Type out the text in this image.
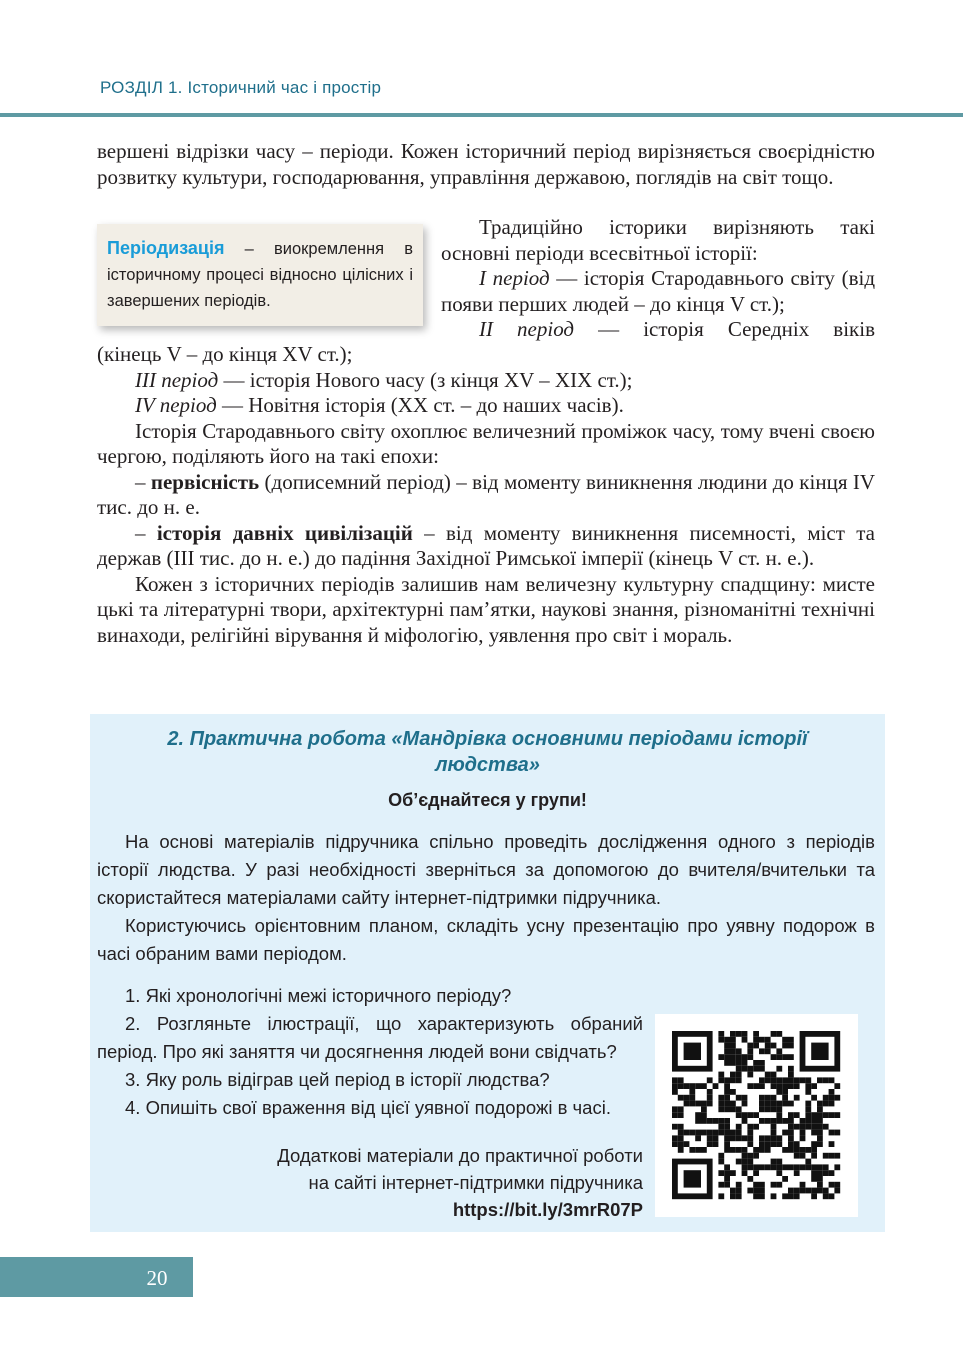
РОЗДІЛ 1. Історичний час і простір

вершені відрізки часу – періоди. Кожен історичний період вирізняється своєрідністю розвитку культури, господарювання, управління державою, поглядів на світ тощо.

Періодизація – виокремлення в історичному процесі відносно цілісних і завершених періодів.

Традиційно історики вирізняють такі основні періоди всесвітньої історії:

I період — історія Стародавнього світу (від появи перших людей – до кінця V ст.);

II період — історія Середніх віків

(кінець V – до кінця XV ст.);

III період — історія Нового часу (з кінця XV – XIX ст.);

IV період — Новітня історія (XX ст. – до наших часів).

Історія Стародавнього світу охоплює величезний проміжок часу, тому вчені своєю чергою, поділяють його на такі епохи:

– первісність (дописемний період) – від моменту виникнення людини до кінця IV тис. до н. е.

– історія давніх цивілізацій – від моменту виникнення писемності, міст та держав (III тис. до н. е.) до падіння Західної Римської імперії (кінець V ст. н. е.).

Кожен з історичних періодів залишив нам величезну культурну спадщину: мисте цькі та літературні твори, архітектурні пам’ятки, наукові знання, різноманітні технічні винаходи, релігійні вірування й міфологію, уявлення про світ і мораль.

2. Практична робота «Мандрівка основними періодами історії людства»
Об’єднайтеся у групи!

На основі матеріалів підручника спільно проведіть дослідження одного з періодів історії людства. У разі необхідності зверніться за допомогою до вчителя/вчительки та скористайтеся матеріалами сайту інтернет-підтримки підручника.

Користуючись орієнтовним планом, складіть усну презентацію про уявну подорож в часі обраним вами періодом.

1. Які хронологічні межі історичного періоду?

2. Розгляньте ілюстрації, що характеризують обраний період. Про які заняття чи досягнення людей вони свідчать?

3. Яку роль відіграв цей період в історії людства?

4. Опишіть свої враження від цієї уявної подорожі в часі.

Додаткові матеріали до практичної роботи
на сайті інтернет-підтримки підручника
https://bit.ly/3mrR07P
20
